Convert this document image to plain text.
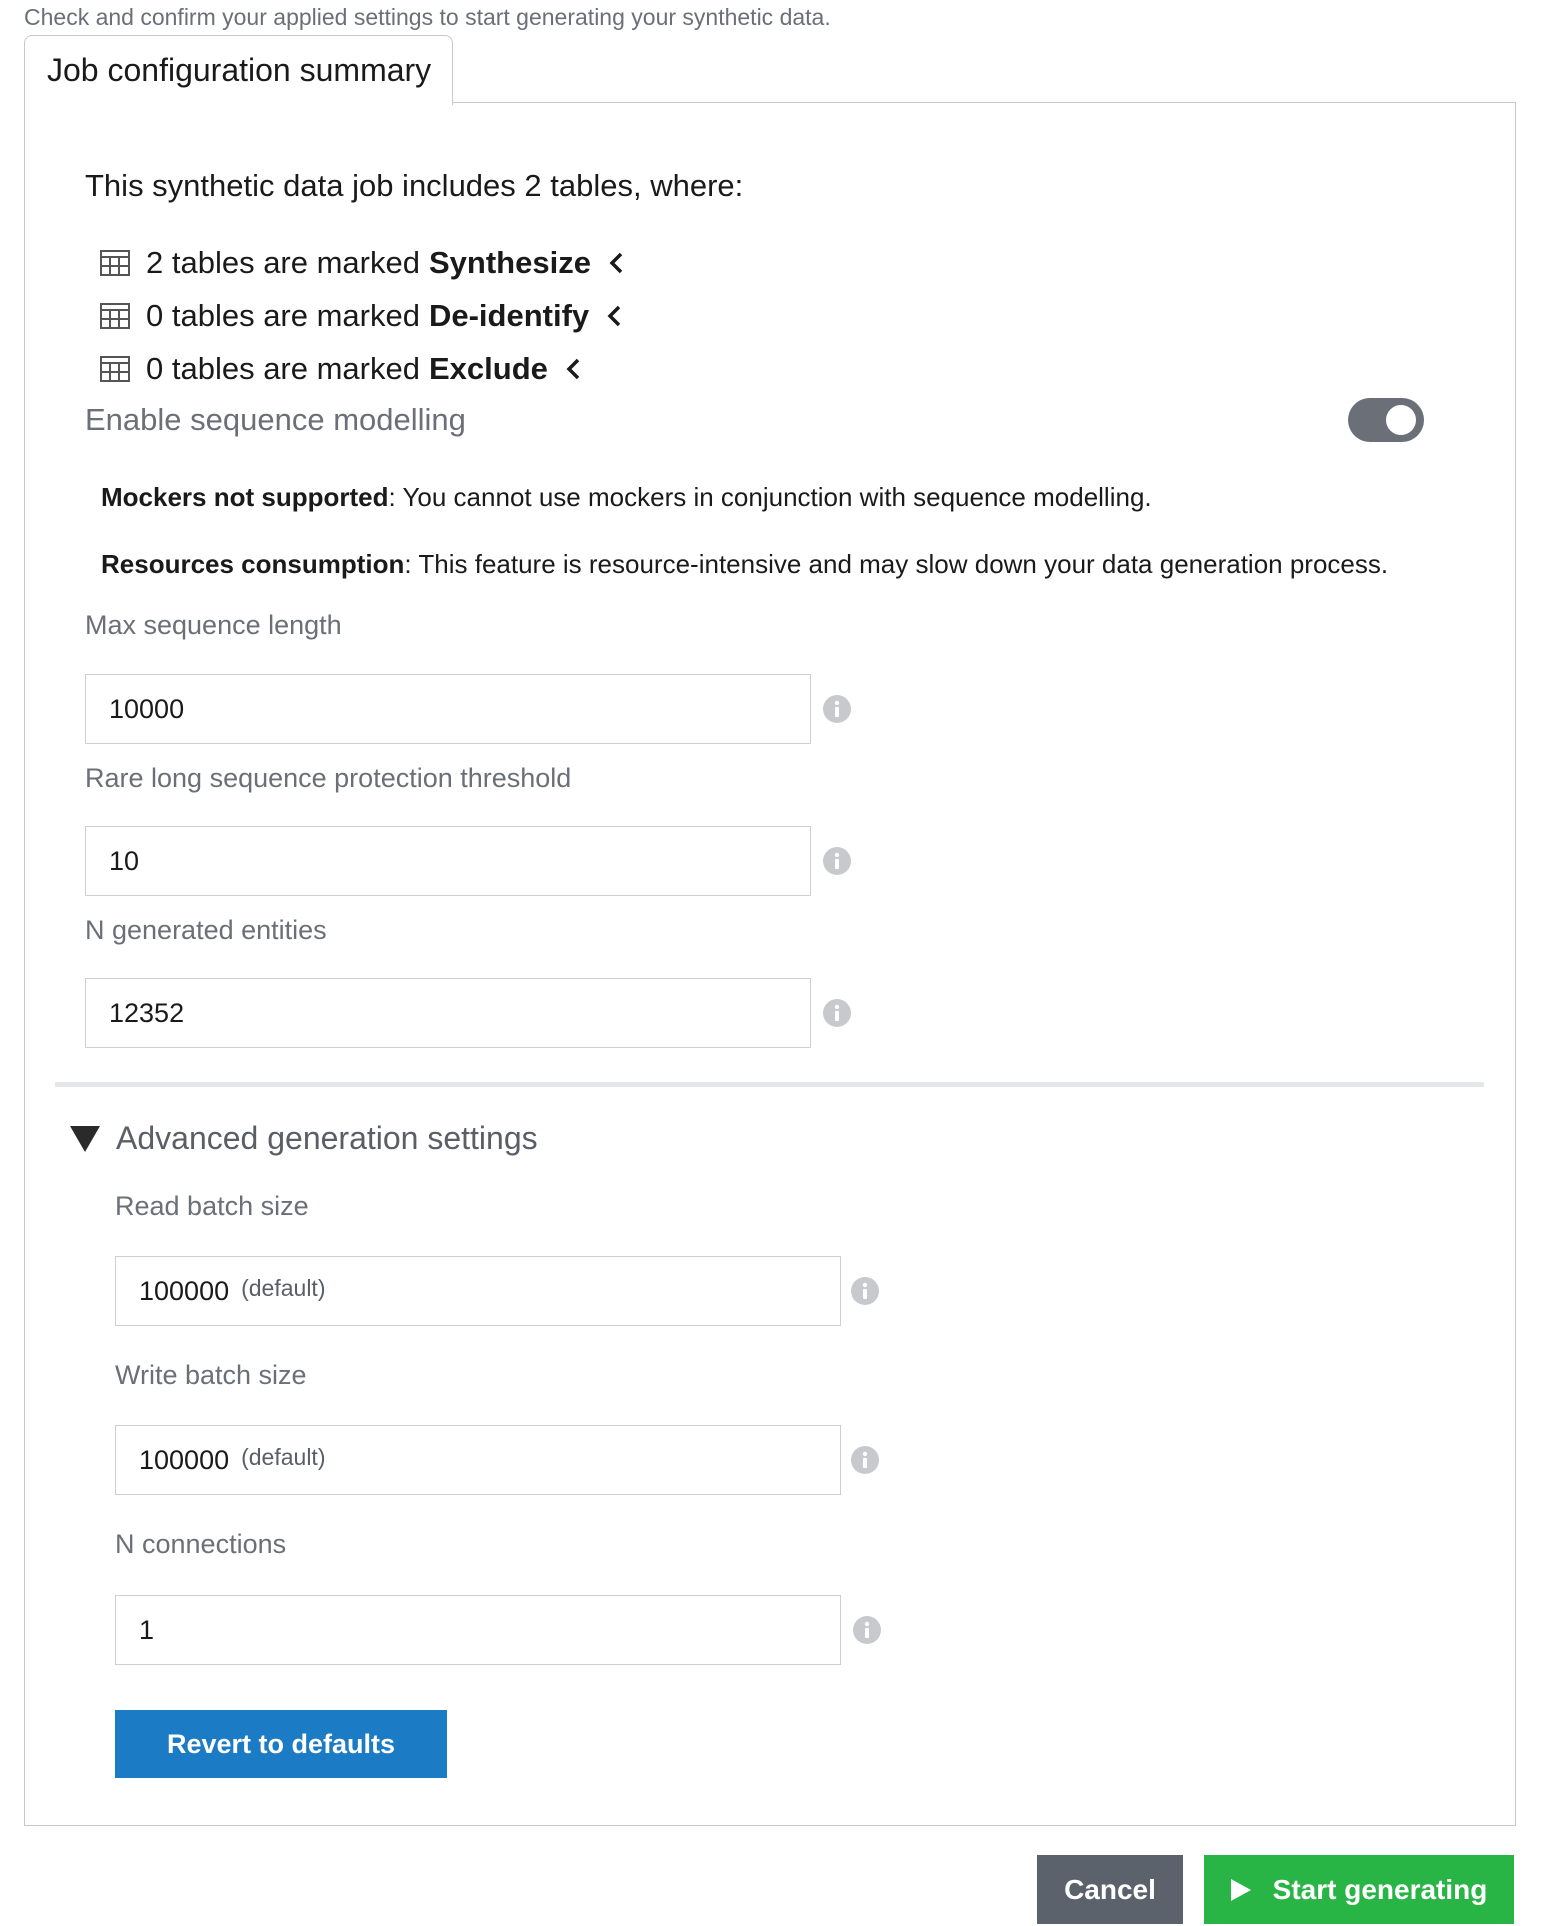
Check and confirm your applied settings to start generating your synthetic data.
Job configuration summary
This synthetic data job includes 2 tables, where:
2 tables are marked Synthesize
0 tables are marked De-identify
0 tables are marked Exclude
Enable sequence modelling
Mockers not supported: You cannot use mockers in conjunction with sequence modelling.
Resources consumption: This feature is resource-intensive and may slow down your data generation process.
Max sequence length
10000
Rare long sequence protection threshold
10
N generated entities
12352
Advanced generation settings
Read batch size
100000 (default)
Write batch size
100000 (default)
N connections
1
Revert to defaults
Cancel	Start generating
